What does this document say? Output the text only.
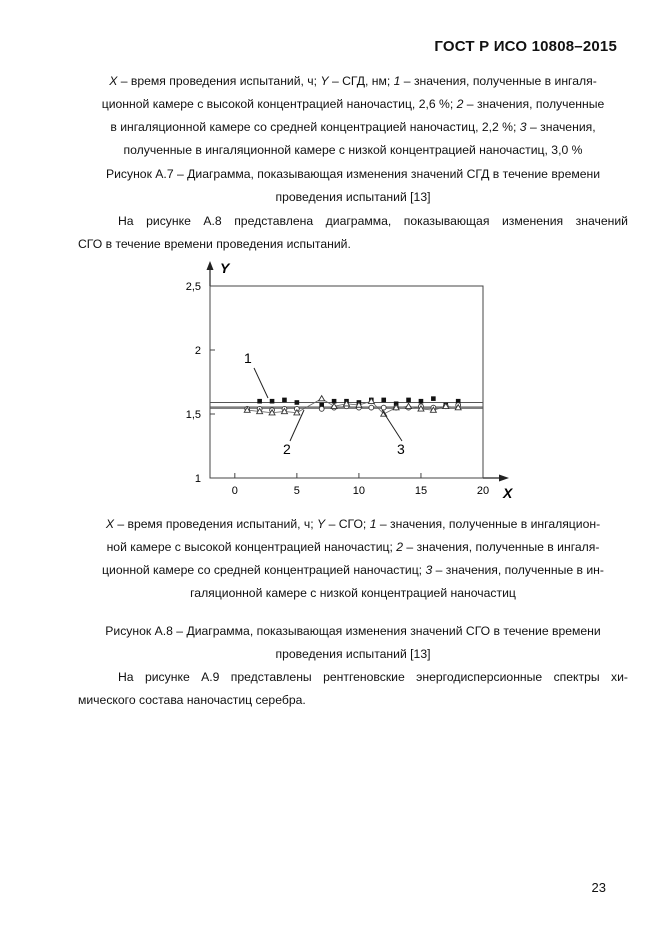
ГОСТ Р ИСО 10808–2015
X – время проведения испытаний, ч; Y – СГД, нм; 1 – значения, полученные в ингаля-
ционной камере с высокой концентрацией наночастиц, 2,6 %; 2 – значения, полученные
в ингаляционной камере со средней концентрацией наночастиц, 2,2 %; 3 – значения,
полученные в ингаляционной камере с низкой концентрацией наночастиц, 3,0 %
Рисунок А.7 – Диаграмма, показывающая изменения значений СГД в течение времени
проведения испытаний [13]
На рисунке А.8 представлена диаграмма, показывающая изменения значений
СГО в течение времени проведения испытаний.
Y
X
0	5	10	15	20
1
1,5
2
2,5
1
2	3
X – время проведения испытаний, ч; Y – СГО; 1 – значения, полученные в ингаляцион-
ной камере с высокой концентрацией наночастиц; 2 – значения, полученные в ингаля-
ционной камере со средней концентрацией наночастиц; 3 – значения, полученные в ин-
галяционной камере с низкой концентрацией наночастиц
Рисунок А.8 – Диаграмма, показывающая изменения значений СГО в течение времени
проведения испытаний [13]
На рисунке А.9 представлены рентгеновские энергодисперсионные спектры хи-
мического состава наночастиц серебра.
23
